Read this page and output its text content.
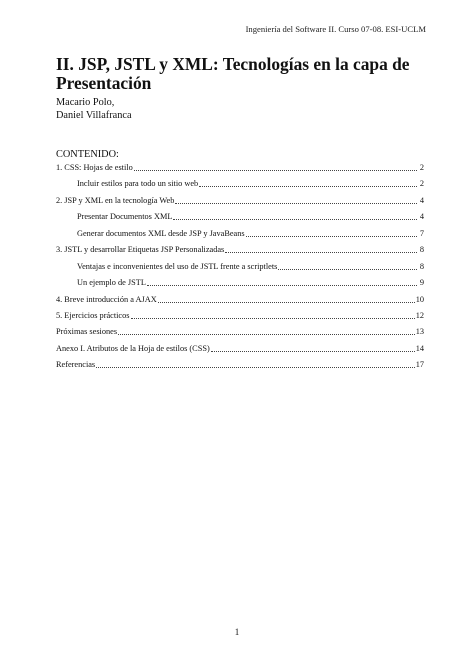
Ingeniería del Software II. Curso 07-08. ESI-UCLM
II. JSP, JSTL y XML: Tecnologías en la capa de Presentación
Macario Polo,
Daniel Villafranca
CONTENIDO:
1. CSS: Hojas de estilo	2
Incluir estilos para todo un sitio web	2
2. JSP y XML en la tecnología Web	4
Presentar Documentos XML	4
Generar documentos XML desde JSP y JavaBeans	7
3. JSTL y desarrollar Etiquetas JSP Personalizadas	8
Ventajas e inconvenientes del uso de JSTL frente a scriptlets	8
Un ejemplo de JSTL	9
4. Breve introducción a AJAX	10
5. Ejercicios prácticos	12
Próximas sesiones	13
Anexo I. Atributos de la Hoja de estilos (CSS)	14
Referencias	17
1
